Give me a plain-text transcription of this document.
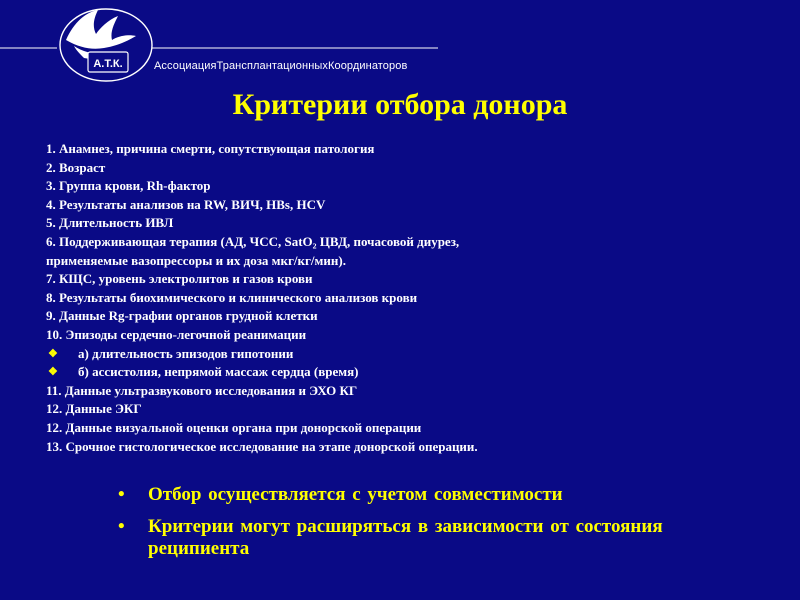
А.Т.К.	АссоциацияТрансплантационныхКоординаторов
Критерии отбора донора
1. Анамнез, причина смерти, сопутствующая патология
2. Возраст
3. Группа крови, Rh-фактор
4. Результаты анализов на RW, ВИЧ, HBs, HCV
5. Длительность ИВЛ
6. Поддерживающая терапия (АД, ЧСС, SatO₂ ЦВД, почасовой диурез,
применяемые вазопрессоры и их доза мкг/кг/мин).
7. КЩС, уровень электролитов и газов крови
8. Результаты биохимического и клинического анализов крови
9. Данные Rg-графии органов грудной клетки
10. Эпизоды сердечно-легочной реанимации
❖	а) длительность эпизодов гипотонии
❖	б) ассистолия, непрямой массаж сердца (время)
11. Данные ультразвукового исследования и ЭХО КГ
12. Данные ЭКГ
12. Данные визуальной оценки органа при донорской операции
13. Срочное гистологическое исследование на этапе донорской операции.
•	Отбор осуществляется с учетом совместимости
•	Критерии могут расширяться в зависимости от состояния реципиента
